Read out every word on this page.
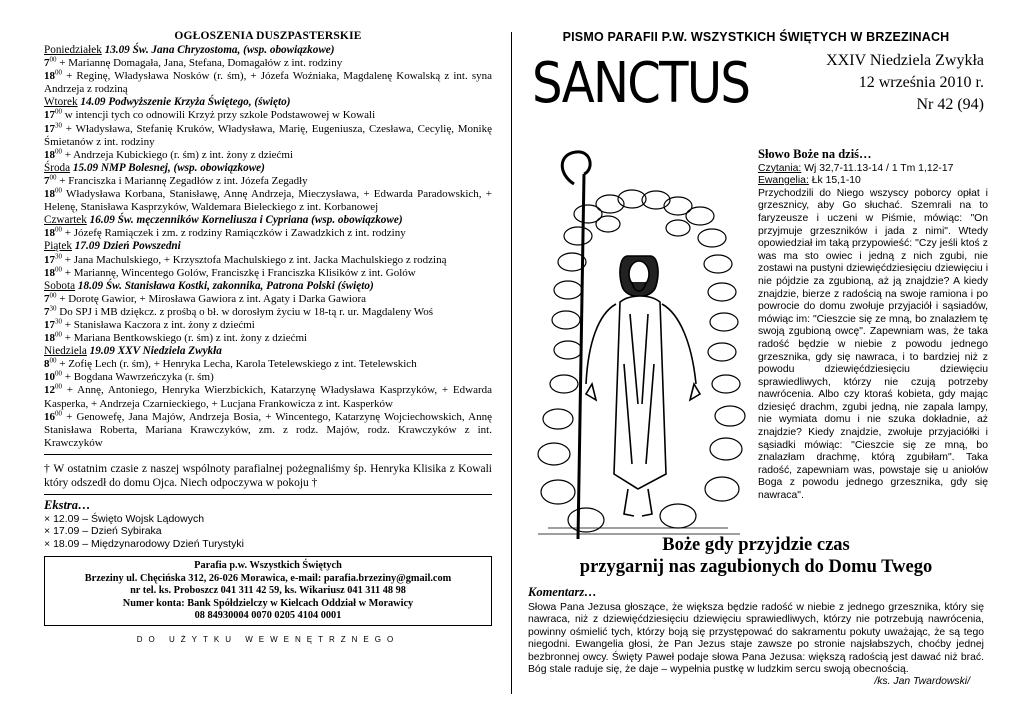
OGŁOSZENIA DUSZPASTERSKIE
Poniedziałek 13.09 Św. Jana Chryzostoma, (wsp. obowiązkowe)
$7^{00}$ + Mariannę Domagała, Jana, Stefana, Domagałów z int. rodziny
$18^{00}$ + Reginę, Władysława Nosków (r. śm), + Józefa Woźniaka, Magdalenę Kowalską z int. syna Andrzeja z rodziną
Wtorek 14.09 Podwyższenie Krzyża Świętego, (święto)
$17^{00}$ w intencji tych co odnowili Krzyż przy szkole Podstawowej w Kowali
$17^{30}$ + Władysława, Stefanię Kruków, Władysława, Marię, Eugeniusza, Czesława, Cecylię, Monikę Śmietanów z int. rodziny
$18^{00}$ + Andrzeja Kubickiego (r. śm) z int. żony z dziećmi
Środa 15.09 NMP Bolesnej, (wsp. obowiązkowe)
$7^{00}$ + Franciszka i Mariannę Zegadłów z int. Józefa Zegadły
$18^{00}$ Władysława Korbana, Stanisławę, Annę Andrzeja, Mieczysława, + Edwarda Paradowskich, + Helenę, Stanisława Kasprzyków, Waldemara Bieleckiego z int. Korbanowej
Czwartek 16.09 Św. męczenników Korneliusza i Cypriana (wsp. obowiązkowe)
$18^{00}$ + Józefę Ramiączek i zm. z rodziny Ramiączków i Zawadzkich z int. rodziny
Piątek 17.09 Dzień Powszedni
$17^{30}$ + Jana Machulskiego, + Krzysztofa Machulskiego z int. Jacka Machulskiego z rodziną
$18^{00}$ + Mariannę, Wincentego Golów, Franciszkę i Franciszka Klisików z int. Golów
Sobota 18.09 Św. Stanisława Kostki, zakonnika, Patrona Polski (święto)
$7^{00}$ + Dorotę Gawior, + Mirosława Gawiora z int. Agaty i Darka Gawiora
$7^{30}$ Do SPJ i MB dziękcz. z prośbą o bł. w dorosłym życiu w 18-tą r. ur. Magdaleny Woś
$17^{30}$ + Stanisława Kaczora z int. żony z dziećmi
$18^{00}$ + Mariana Bentkowskiego (r. śm) z int. żony z dziećmi
Niedziela 19.09 XXV Niedziela Zwykła
$8^{00}$ + Zofię Lech (r. śm), + Henryka Lecha, Karola Tetelewskiego z int. Tetelewskich
$10^{00}$ + Bogdana Wawrzeńczyka (r. śm)
$12^{00}$ + Annę, Antoniego, Henryka Wierzbickich, Katarzynę Władysława Kasprzyków, + Edwarda Kasperka, + Andrzeja Czarnieckiego, + Lucjana Frankowicza z int. Kasperków
$16^{00}$ + Genowefę, Jana Majów, Andrzeja Bosia, + Wincentego, Katarzynę Wojciechowskich, Annę Stanisława Roberta, Mariana Krawczyków, zm. z rodz. Majów, rodz. Krawczyków z int. Krawczyków
† W ostatnim czasie z naszej wspólnoty parafialnej pożegnaliśmy śp. Henryka Klisika z Kowali który odszedł do domu Ojca. Niech odpoczywa w pokoju †
Ekstra…
× 12.09 – Święto Wojsk Lądowych
× 17.09 – Dzień Sybiraka
× 18.09 – Międzynarodowy Dzień Turystyki
Parafia p.w. Wszystkich Świętych
Brzeziny ul. Chęcińska 312, 26-026 Morawica, e-mail: parafia.brzeziny@gmail.com
nr tel. ks. Proboszcz 041 311 42 59, ks. Wikariusz 041 311 48 98
Numer konta: Bank Spółdzielczy w Kielcach Oddział w Morawicy
08 84930004 0070 0205 4104 0001
DO UŻYTKU WEWENĘTRZNEGO
PISMO PARAFII P.W. WSZYSTKICH ŚWIĘTYCH W BRZEZINACH
SANCTUS	XXIV Niedziela Zwykła
12 września 2010 r.
Nr 42 (94)
Słowo Boże na dziś…
Czytania: Wj 32,7-11.13-14 / 1 Tm 1,12-17
Ewangelia: Łk 15,1-10
Przychodzili do Niego wszyscy poborcy opłat i grzesznicy, aby Go słuchać. Szemrali na to faryzeusze i uczeni w Piśmie, mówiąc: "On przyjmuje grzeszników i jada z nimi". Wtedy opowiedział im taką przypowieść: "Czy jeśli ktoś z was ma sto owiec i jedną z nich zgubi, nie zostawi na pustyni dziewięćdziesięciu dziewięciu i nie pójdzie za zgubioną, aż ją znajdzie? A kiedy znajdzie, bierze z radością na swoje ramiona i po powrocie do domu zwołuje przyjaciół i sąsiadów, mówiąc im: "Cieszcie się ze mną, bo znalazłem tę swoją zgubioną owcę". Zapewniam was, że taka radość będzie w niebie z powodu jednego grzesznika, gdy się nawraca, i to bardziej niż z powodu dziewięćdziesięciu dziewięciu sprawiedliwych, którzy nie czują potrzeby nawrócenia. Albo czy ktoraś kobieta, gdy mając dziesięć drachm, zgubi jedną, nie zapala lampy, nie wymiata domu i nie szuka dokładnie, aż znajdzie? Kiedy znajdzie, zwołuje przyjaciółki i sąsiadki mówiąc: "Cieszcie się ze mną, bo znalazłam drachmę, którą zgubiłam". Taka radość, zapewniam was, powstaje się u aniołów Boga z powodu jednego grzesznika, gdy się nawraca".
Boże gdy przyjdzie czas
przygarnij nas zagubionych do Domu Twego
Komentarz…
Słowa Pana Jezusa głoszące, że większa będzie radość w niebie z jednego grzesznika, który się nawraca, niż z dziewięćdziesięciu dziewięciu sprawiedliwych, którzy nie potrzebują nawrócenia, powinny ośmielić tych, którzy boją się przystępować do sakramentu pokuty uważając, że są tego niegodni. Ewangelia głosi, że Pan Jezus staje zawsze po stronie najsłabszych, choćby jednej bezbronnej owcy. Święty Paweł podaje słowa Pana Jezusa: większą radością jest dawać niż brać. Bóg stale raduje się, że daje – wypełnia pustkę w ludzkim sercu swoją obecnością.
/ks. Jan Twardowski/
